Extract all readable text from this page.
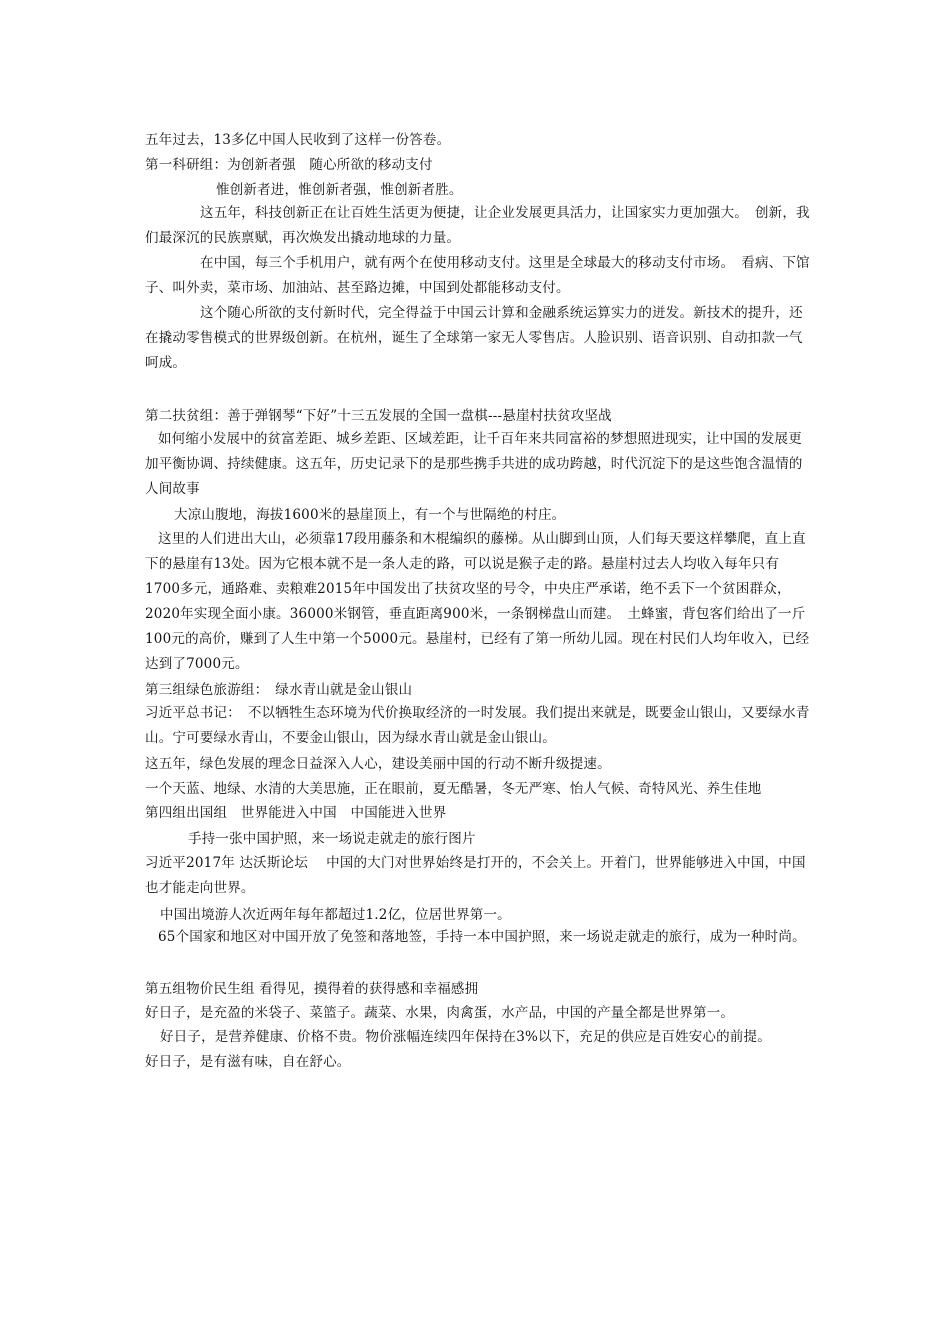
五年过去，13多亿中国人民收到了这样一份答卷。
第一科研组：为创新者强　随心所欲的移动支付
惟创新者进，惟创新者强，惟创新者胜。
这五年，科技创新正在让百姓生活更为便捷，让企业发展更具活力，让国家实力更加强大。　创新，我们最深沉的民族禀赋，再次焕发出撬动地球的力量。
在中国，每三个手机用户，就有两个在使用移动支付。这里是全球最大的移动支付市场。　看病、下馆子、叫外卖，菜市场、加油站、甚至路边摊，中国到处都能移动支付。
这个随心所欲的支付新时代，完全得益于中国云计算和金融系统运算实力的迸发。新技术的提升，还在撬动零售模式的世界级创新。在杭州，诞生了全球第一家无人零售店。人脸识别、语音识别、自动扣款一气呵成。
第二扶贫组：善于弹钢琴“下好”十三五发展的全国一盘棋---悬崖村扶贫攻坚战
如何缩小发展中的贫富差距、城乡差距、区域差距，让千百年来共同富裕的梦想照进现实，让中国的发展更加平衡协调、持续健康。这五年，历史记录下的是那些携手共进的成功跨越，时代沉淀下的是这些饱含温情的人间故事
大凉山腹地，海拔1600米的悬崖顶上，有一个与世隔绝的村庄。
这里的人们进出大山，必须靠17段用藤条和木棍编织的藤梯。从山脚到山顶，人们每天要这样攀爬，直上直下的悬崖有13处。因为它根本就不是一条人走的路，可以说是猴子走的路。悬崖村过去人均收入每年只有1700多元，通路难、卖粮难2015年中国发出了扶贫攻坚的号令，中央庄严承诺，绝不丢下一个贫困群众，2020年实现全面小康。36000米钢管，垂直距离900米，一条钢梯盘山而建。　土蜂蜜，背包客们给出了一斤100元的高价，赚到了人生中第一个5000元。悬崖村，已经有了第一所幼儿园。现在村民们人均年收入，已经达到了7000元。
第三组绿色旅游组：　绿水青山就是金山银山
习近平总书记：　不以牺牲生态环境为代价换取经济的一时发展。我们提出来就是，既要金山银山，又要绿水青山。宁可要绿水青山，不要金山银山，因为绿水青山就是金山银山。
这五年，绿色发展的理念日益深入人心，建设美丽中国的行动不断升级提速。
一个天蓝、地绿、水清的大美思施，正在眼前，夏无酷暑，冬无严寒、怡人气候、奇特风光、养生佳地
第四组出国组　世界能进入中国　中国能进入世界
手持一张中国护照，来一场说走就走的旅行图片
习近平2017年 达沃斯论坛　 中国的大门对世界始终是打开的，不会关上。开着门，世界能够进入中国，中国也才能走向世界。
中国出境游人次近两年每年都超过1.2亿，位居世界第一。
65个国家和地区对中国开放了免签和落地签，手持一本中国护照，来一场说走就走的旅行，成为一种时尚。
第五组物价民生组 看得见，摸得着的获得感和幸福感拥
好日子，是充盈的米袋子、菜篮子。蔬菜、水果，肉禽蛋，水产品，中国的产量全都是世界第一。
好日子，是营养健康、价格不贵。物价涨幅连续四年保持在3%以下，充足的供应是百姓安心的前提。
好日子，是有滋有味，自在舒心。
